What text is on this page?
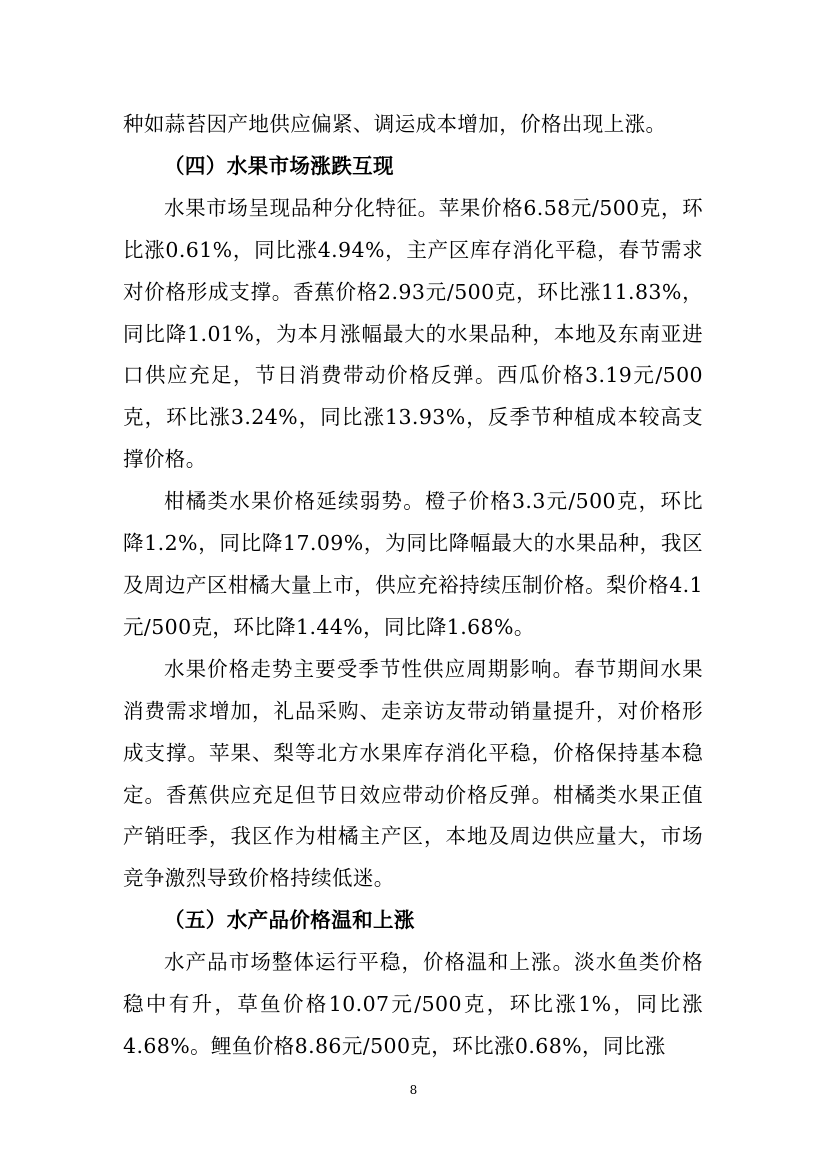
种如蒜苔因产地供应偏紧、调运成本增加，价格出现上涨。

（四）水果市场涨跌互现

水果市场呈现品种分化特征。苹果价格6.58元/500克，环比涨0.61%，同比涨4.94%，主产区库存消化平稳，春节需求对价格形成支撑。香蕉价格2.93元/500克，环比涨11.83%，同比降1.01%，为本月涨幅最大的水果品种，本地及东南亚进口供应充足，节日消费带动价格反弹。西瓜价格3.19元/500克，环比涨3.24%，同比涨13.93%，反季节种植成本较高支撑价格。

柑橘类水果价格延续弱势。橙子价格3.3元/500克，环比降1.2%，同比降17.09%，为同比降幅最大的水果品种，我区及周边产区柑橘大量上市，供应充裕持续压制价格。梨价格4.1元/500克，环比降1.44%，同比降1.68%。

水果价格走势主要受季节性供应周期影响。春节期间水果消费需求增加，礼品采购、走亲访友带动销量提升，对价格形成支撑。苹果、梨等北方水果库存消化平稳，价格保持基本稳定。香蕉供应充足但节日效应带动价格反弹。柑橘类水果正值产销旺季，我区作为柑橘主产区，本地及周边供应量大，市场竞争激烈导致价格持续低迷。

（五）水产品价格温和上涨

水产品市场整体运行平稳，价格温和上涨。淡水鱼类价格稳中有升，草鱼价格10.07元/500克，环比涨1%，同比涨4.68%。鲤鱼价格8.86元/500克，环比涨0.68%，同比涨

8
